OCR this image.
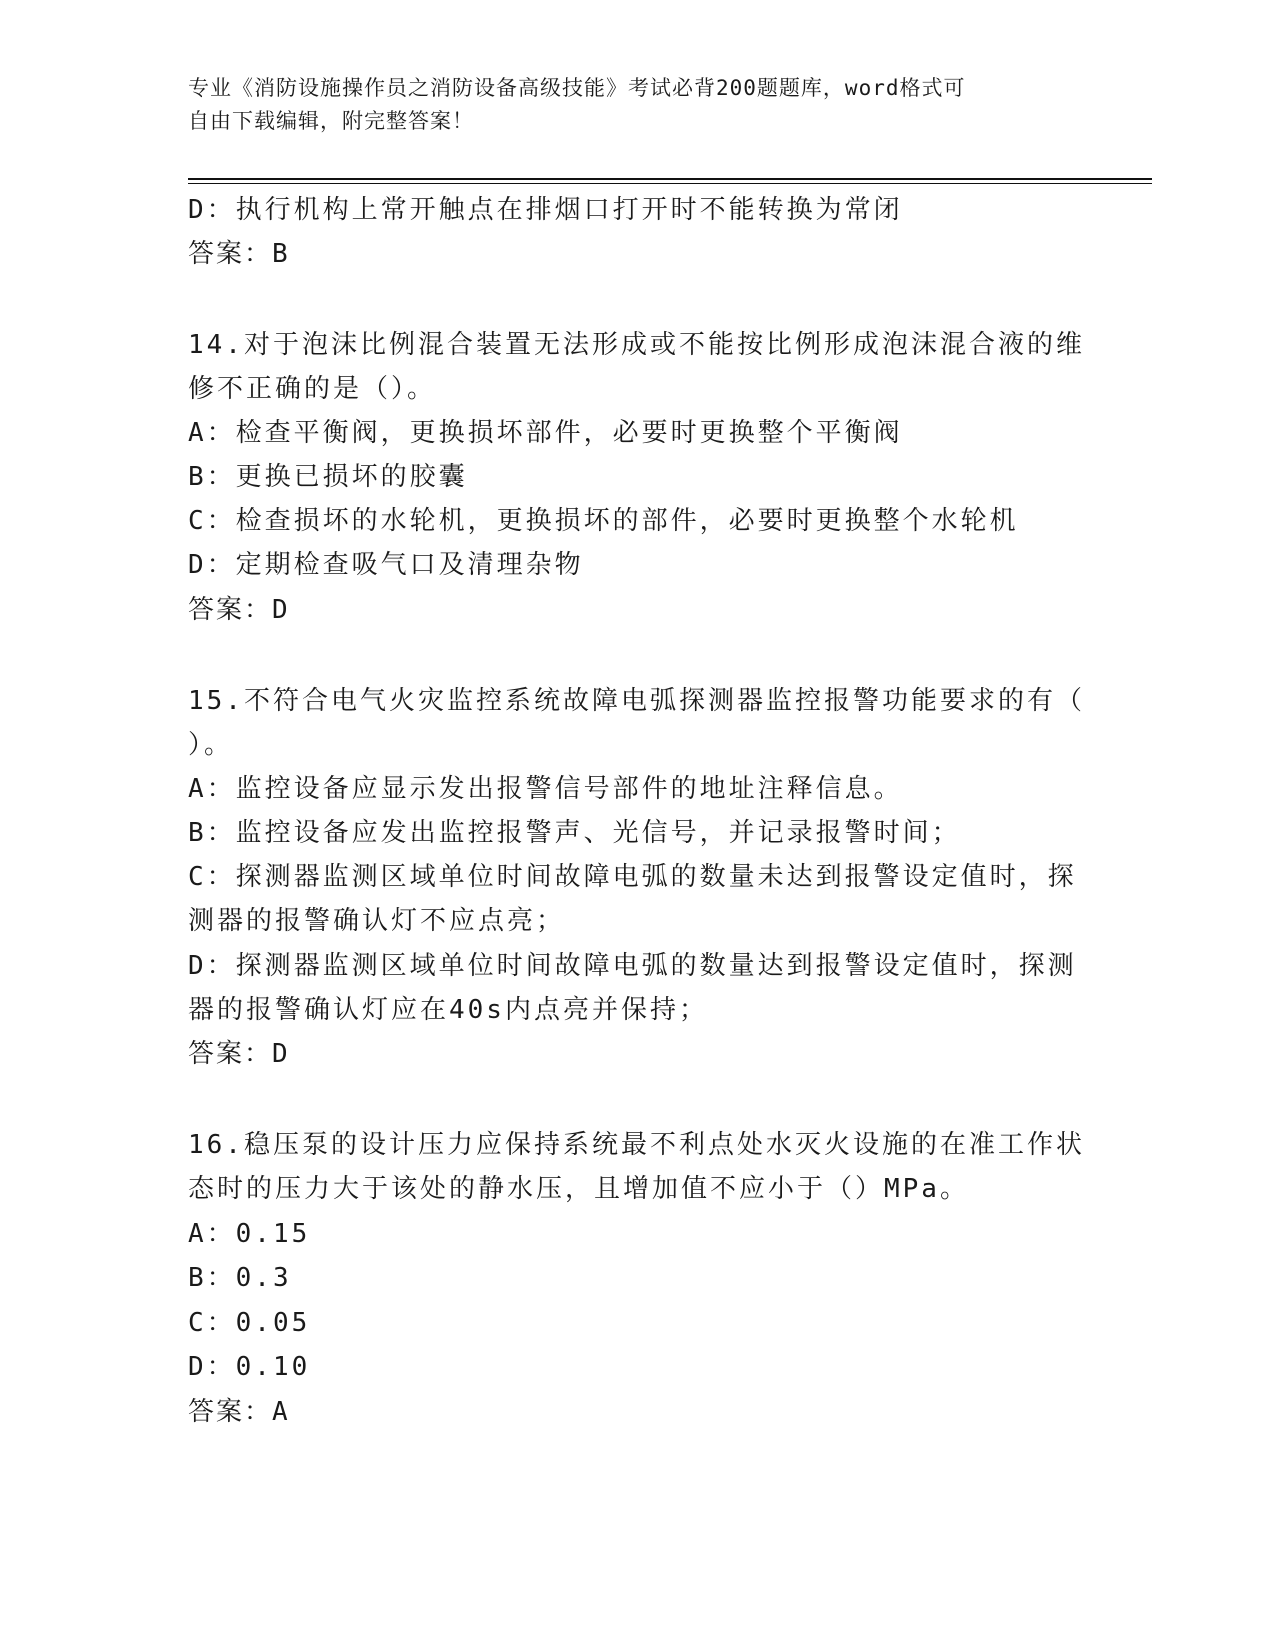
专业《消防设施操作员之消防设备高级技能》考试必背200题题库，word格式可
自由下载编辑，附完整答案！
D：执行机构上常开触点在排烟口打开时不能转换为常闭
答案：B
14.对于泡沫比例混合装置无法形成或不能按比例形成泡沫混合液的维
修不正确的是（）。
A：检查平衡阀，更换损坏部件，必要时更换整个平衡阀
B：更换已损坏的胶囊
C：检查损坏的水轮机，更换损坏的部件，必要时更换整个水轮机
D：定期检查吸气口及清理杂物
答案：D
15.不符合电气火灾监控系统故障电弧探测器监控报警功能要求的有（
）。
A：监控设备应显示发出报警信号部件的地址注释信息。
B：监控设备应发出监控报警声、光信号，并记录报警时间；
C：探测器监测区域单位时间故障电弧的数量未达到报警设定值时，探
测器的报警确认灯不应点亮；
D：探测器监测区域单位时间故障电弧的数量达到报警设定值时，探测
器的报警确认灯应在40s内点亮并保持；
答案：D
16.稳压泵的设计压力应保持系统最不利点处水灭火设施的在准工作状
态时的压力大于该处的静水压，且增加值不应小于（）MPa。
A：0.15
B：0.3
C：0.05
D：0.10
答案：A
